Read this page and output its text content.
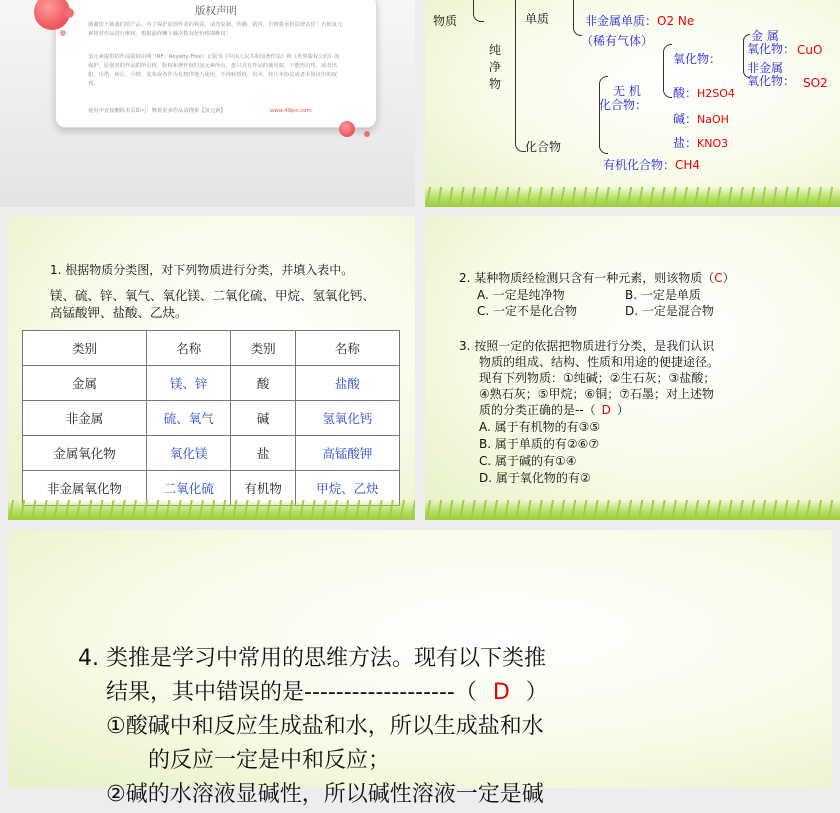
版权声明
感谢您下载我们的产品，为了保护原创作者的利益，请勿复制、传播、销售，否则将承担法律责任！否则氢元素将对作品进行维权，根据最终嘲下载次数双倍价格即维权！
氢元素提供的作品版权由网（RF：Royalty-Free）正版受《中国人民共和国著作法》和《世界版权公约》的保护，原创者的作品的所有权、版权和著作权归氢元素所有，您只具有作品的使用权，不能再出售，或者出租、出借、转让、分销、发布或者作为礼物供他人使用，不得转授权、出卖、转让本协议或者本协议中的权利。
使用中直接删除本页即可！舞着更多作品请搜索【氢元素】	www.49pic.com
物质	单质	非金属单质：O2 Ne
（稀有气体）
纯
净
物
化合物
无 机
化合物：
氧化物：
金 属
氧化物： CuO
非金属
氧化物： SO2
酸：H2SO4
碱：NaOH
盐：KNO3
有机化合物：CH4
1. 根据物质分类图，对下列物质进行分类，并填入表中。
镁、硫、锌、氧气、氧化镁、二氧化硫、甲烷、氢氧化钙、
高锰酸钾、盐酸、乙炔。
类别	名称	类别	名称
金属	镁、锌	酸	盐酸
非金属	硫、氧气	碱	氢氧化钙
金属氧化物	氧化镁	盐	高锰酸钾
非金属氧化物	二氧化硫	有机物	甲烷、乙炔
2. 某种物质经检测只含有一种元素，则该物质（C）
A. 一定是纯净物	B. 一定是单质
C. 一定不是化合物	D. 一定是混合物
3. 按照一定的依据把物质进行分类，是我们认识
物质的组成、结构、性质和用途的便捷途径。
现有下列物质：①纯碱；②生石灰；③盐酸；
④熟石灰；⑤甲烷；⑥铜；⑦石墨；对上述物
质的分类正确的是--（ D ）
A. 属于有机物的有③⑤
B. 属于单质的有②⑥⑦
C. 属于碱的有①④
D. 属于氧化物的有②
4. 类推是学习中常用的思维方法。现有以下类推
结果，其中错误的是-------------------（ D ）
①酸碱中和反应生成盐和水，所以生成盐和水
的反应一定是中和反应；
②碱的水溶液显碱性，所以碱性溶液一定是碱
